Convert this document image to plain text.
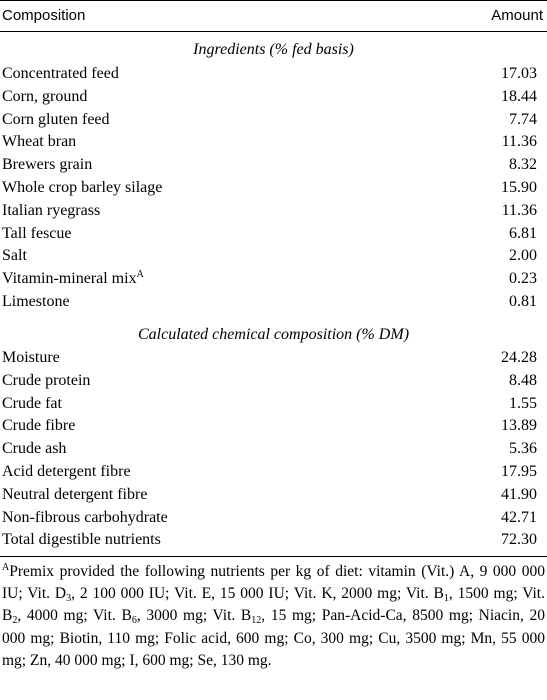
Composition	Amount
Ingredients (% fed basis)
Concentrated feed	17.03
Corn, ground	18.44
Corn gluten feed	7.74
Wheat bran	11.36
Brewers grain	8.32
Whole crop barley silage	15.90
Italian ryegrass	11.36
Tall fescue	6.81
Salt	2.00
Vitamin-mineral mix$^A$	0.23
Limestone	0.81
Calculated chemical composition (% DM)
Moisture	24.28
Crude protein	8.48
Crude fat	1.55
Crude fibre	13.89
Crude ash	5.36
Acid detergent fibre	17.95
Neutral detergent fibre	41.90
Non-fibrous carbohydrate	42.71
Total digestible nutrients	72.30
$^A$Premix provided the following nutrients per kg of diet: vitamin (Vit.) A, 9 000 000 IU; Vit. $D_3$, 2 100 000 IU; Vit. E, 15 000 IU; Vit. K, 2000 mg; Vit. $B_1$, 1500 mg; Vit. $B_2$, 4000 mg; Vit. $B_6$, 3000 mg; Vit. $B_{12}$, 15 mg; Pan-Acid-Ca, 8500 mg; Niacin, 20 000 mg; Biotin, 110 mg; Folic acid, 600 mg; Co, 300 mg; Cu, 3500 mg; Mn, 55 000 mg; Zn, 40 000 mg; I, 600 mg; Se, 130 mg.
